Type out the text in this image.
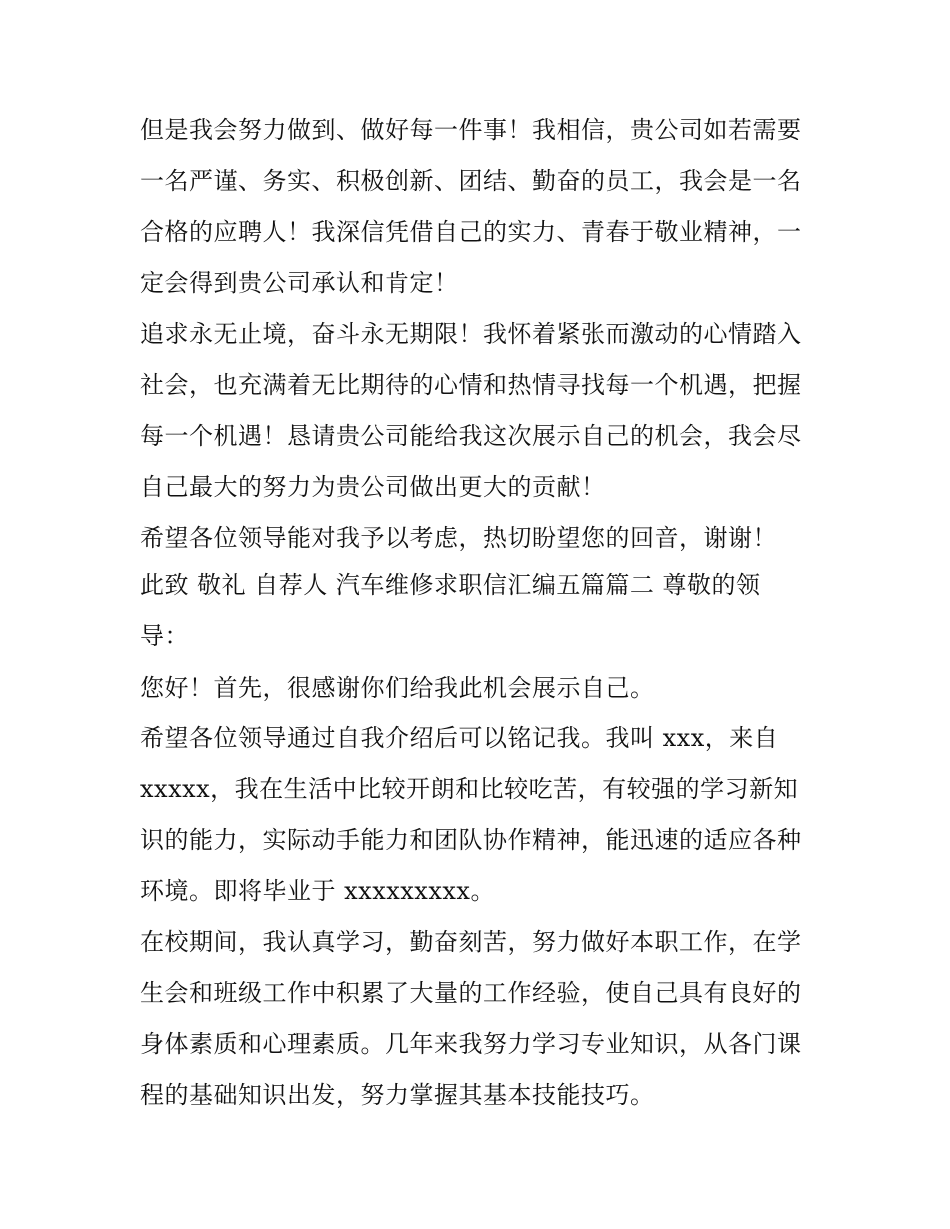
但是我会努力做到、做好每一件事！我相信，贵公司如若需要
一名严谨、务实、积极创新、团结、勤奋的员工，我会是一名
合格的应聘人！我深信凭借自己的实力、青春于敬业精神，一
定会得到贵公司承认和肯定！
追求永无止境，奋斗永无期限！我怀着紧张而激动的心情踏入
社会，也充满着无比期待的心情和热情寻找每一个机遇，把握
每一个机遇！恳请贵公司能给我这次展示自己的机会，我会尽
自己最大的努力为贵公司做出更大的贡献！
希望各位领导能对我予以考虑，热切盼望您的回音，谢谢！
此致 敬礼 自荐人 汽车维修求职信汇编五篇篇二 尊敬的领
导：
您好！首先，很感谢你们给我此机会展示自己。
希望各位领导通过自我介绍后可以铭记我。我叫 xxx，来自
xxxxx，我在生活中比较开朗和比较吃苦，有较强的学习新知
识的能力，实际动手能力和团队协作精神，能迅速的适应各种
环境。即将毕业于 xxxxxxxxx。
在校期间，我认真学习，勤奋刻苦，努力做好本职工作，在学
生会和班级工作中积累了大量的工作经验，使自己具有良好的
身体素质和心理素质。几年来我努力学习专业知识，从各门课
程的基础知识出发，努力掌握其基本技能技巧。
